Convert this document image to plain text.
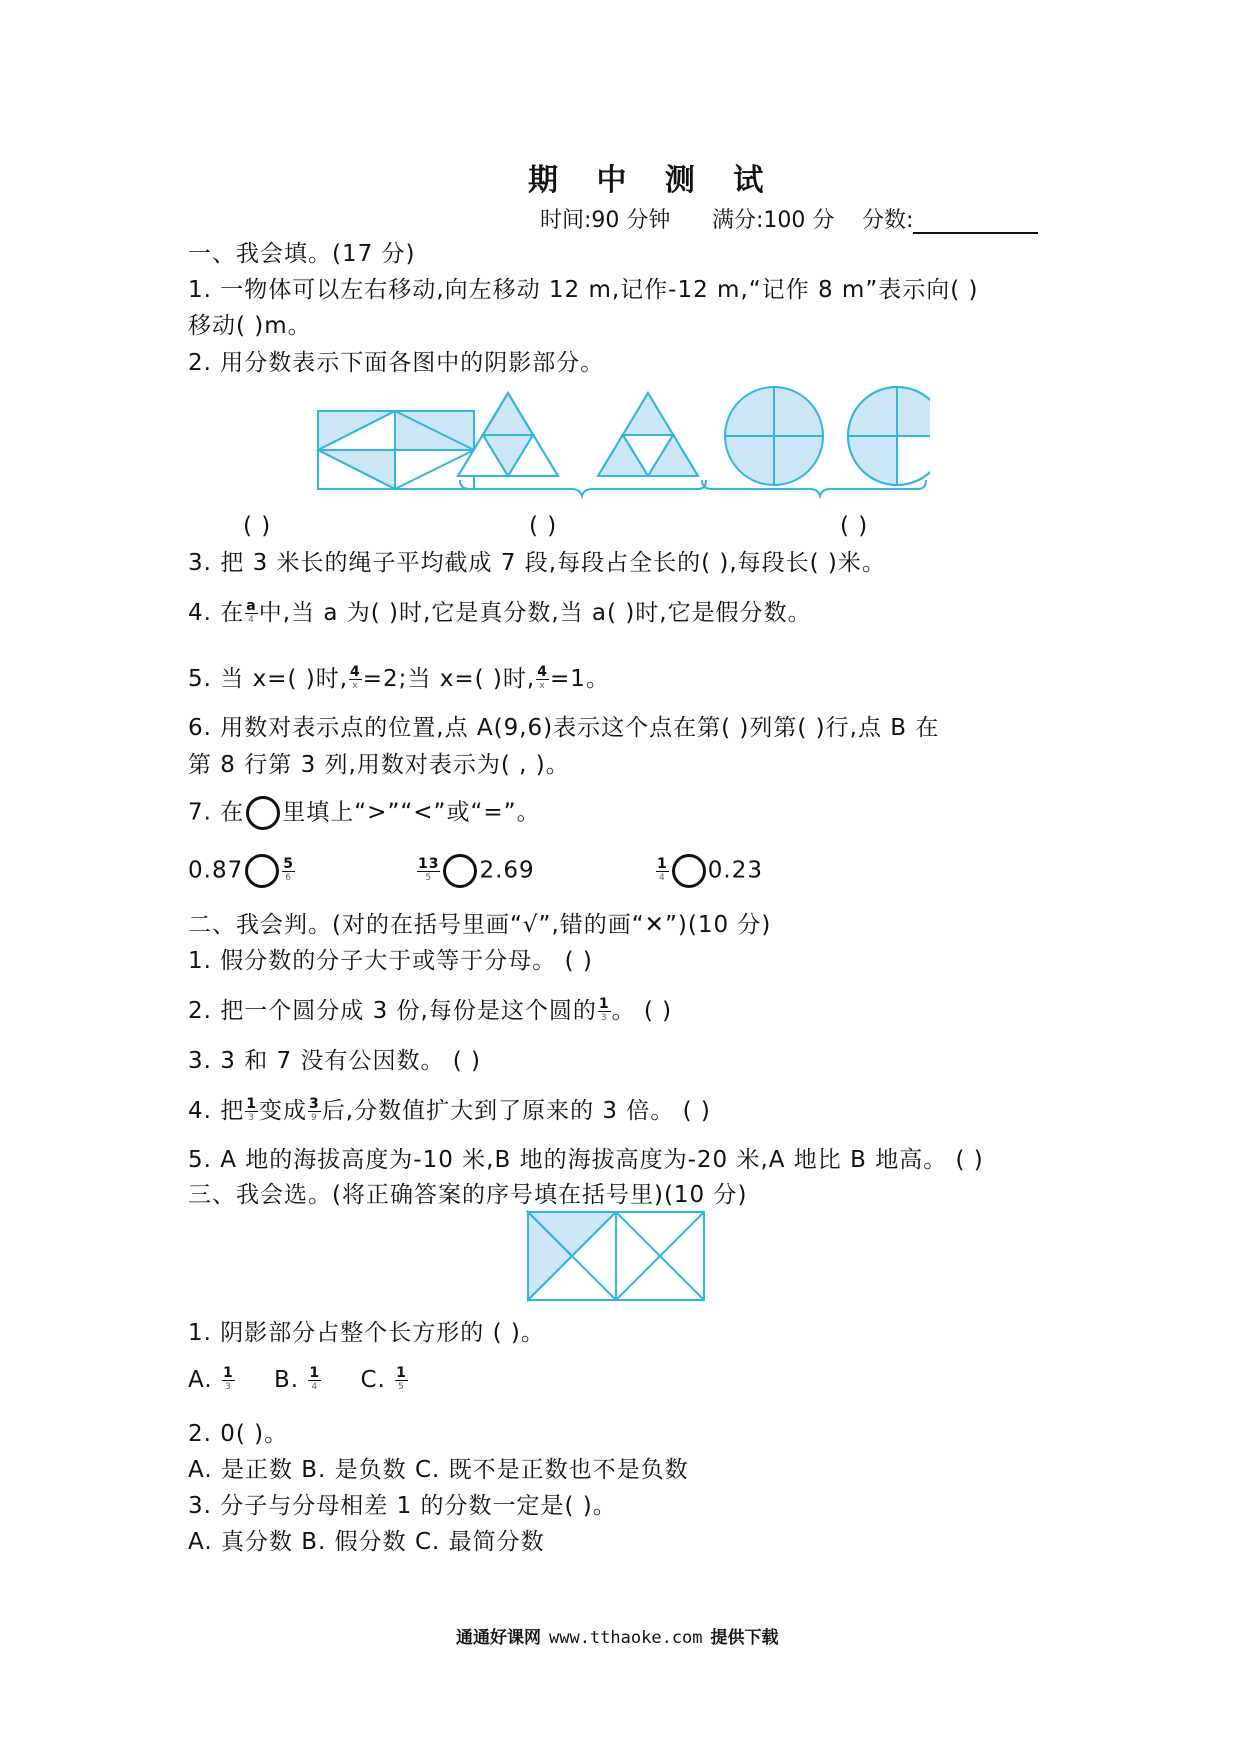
期 中 测 试
时间:90 分钟 满分:100 分 分数:
一、我会填。(17 分)
1. 一物体可以左右移动,向左移动 12 m,记作-12 m,“记作 8 m”表示向( )
移动( )m。
2. 用分数表示下面各图中的阴影部分。
( )	( )	( )
3. 把 3 米长的绳子平均截成 7 段,每段占全长的( ),每段长( )米。
4. 在 $\frac{a}{4}$ 中,当 a 为( )时,它是真分数,当 a( )时,它是假分数。
5. 当 x=( )时, $\frac{4}{x} =2$;当 x=( )时, $\frac{4}{x} =1$。
6. 用数对表示点的位置,点 A(9,6)表示这个点在第( )列第( )行,点 B 在
第 8 行第 3 列,用数对表示为( , )。
7. 在 里填上“>”“<”或“=”。
0.87	$\frac{5}{6}$	$\frac{13}{5} 2.69$	$\frac{1}{4} 0.23$
二、我会判。(对的在括号里画“√”,错的画“✕”)(10 分)
1. 假分数的分子大于或等于分母。 ( )
2. 把一个圆分成 3 份,每份是这个圆的 $\frac{1}{3}$ 。 ( )
3. 3 和 7 没有公因数。 ( )
4. 把 $\frac{1}{3}$ 变成 $\frac{3}{9}$ 后,分数值扩大到了原来的 3 倍。 ( )
5. A 地的海拔高度为-10 米,B 地的海拔高度为-20 米,A 地比 B 地高。 ( )
三、我会选。(将正确答案的序号填在括号里)(10 分)
1. 阴影部分占整个长方形的 ( )。
A. $\frac{1}{3} B$. $\frac{1}{4} C$. $\frac{1}{5}$
2. 0( )。
A. 是正数 B. 是负数 C. 既不是正数也不是负数
3. 分子与分母相差 1 的分数一定是( )。
A. 真分数 B. 假分数 C. 最简分数
通通好课网 www.tthaoke.com 提供下载
